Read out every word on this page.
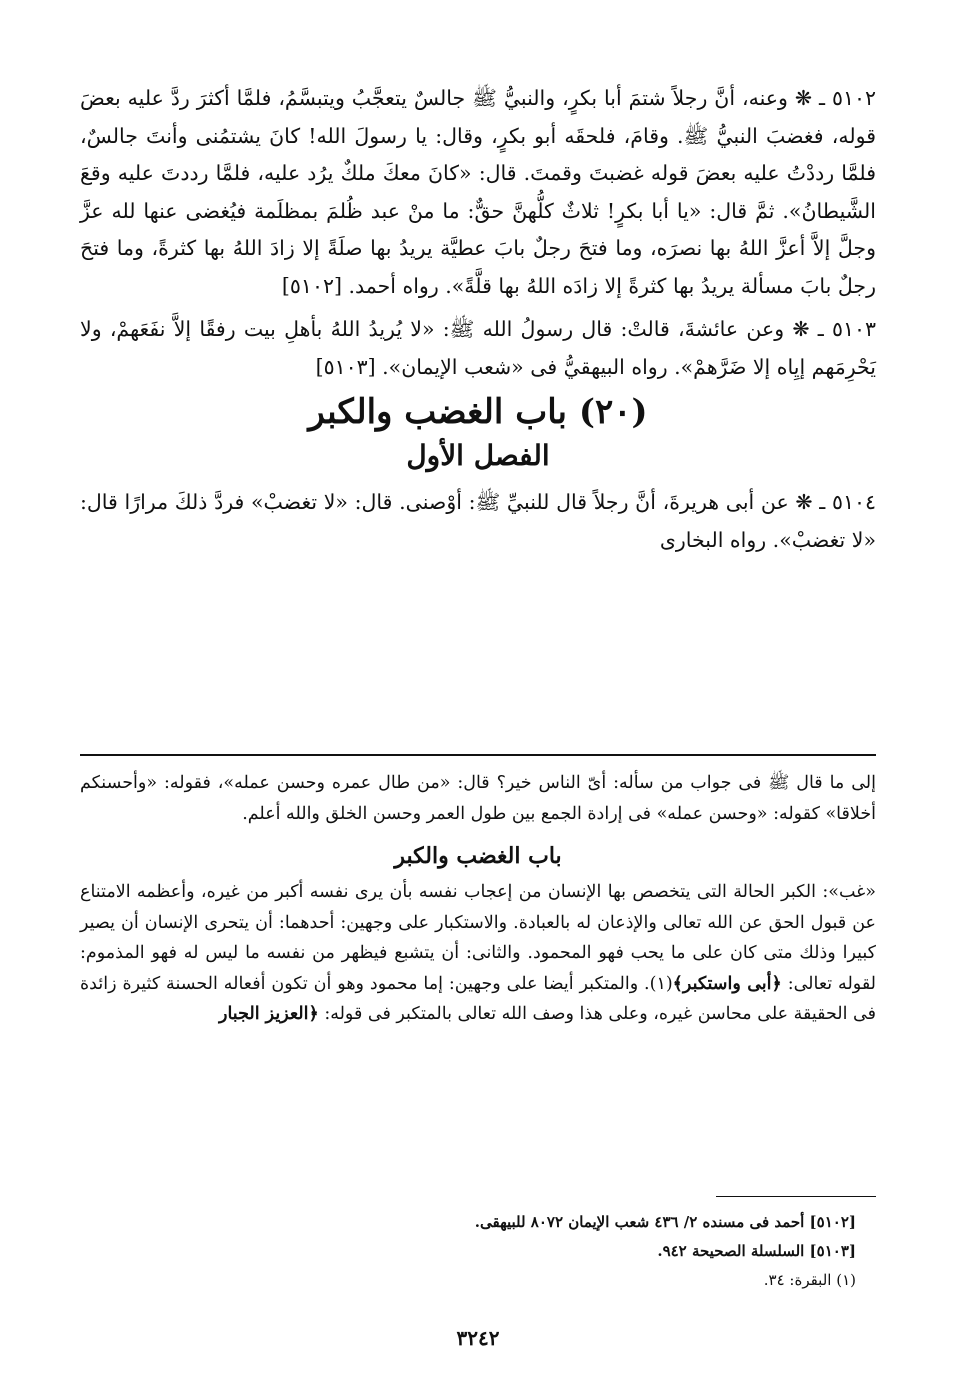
٥١٠٢ ـ ❋ وعنه، أنَّ رجلاً شتمَ أبا بكرٍ، والنبيُّ ﷺ جالسٌ يتعجَّبُ ويتبسَّمُ، فلمَّا أكثرَ ردَّ عليه بعضَ قوله، فغضبَ النبيُّ ﷺ. وقامَ، فلحقَه أبو بكرٍ، وقال: يا رسولَ الله! كانَ يشتمُنى وأنتَ جالسٌ، فلمَّا رددْتُ عليه بعضَ قوله غضبتَ وقمتَ. قال: «كانَ معكَ ملكٌ يرُد عليه، فلمَّا رددتَ عليه وقعَ الشَّيطانُ». ثمَّ قال: «يا أبا بكرٍ! ثلاثٌ كلُّهنَّ حقٌّ: ما منْ عبد ظُلمَ بمظلَمة فيُغضى عنها لله عزَّ وجلَّ إلاَّ أعزَّ اللهُ بها نصرَه، وما فتحَ رجلٌ بابَ عطيَّة يريدُ بها صلَةً إلا زادَ اللهُ بها كثرةً، وما فتحَ رجلٌ بابَ مسألة يريدُ بها كثرةً إلا زادَه اللهُ بها قلَّةً». رواه أحمد. [٥١٠٢]

٥١٠٣ ـ ❋ وعن عائشةَ، قالتْ: قال رسولُ الله ﷺ: «لا يُريدُ اللهُ بأهلِ بيت رفقًا إلاَّ نفَعَهمْ، ولا يَحْرِمَهم إيِاه إلا ضَرَّهمْ». رواه البيهقيُّ فى «شعب الإيمان». [٥١٠٣]

(٢٠) باب الغضب والكبر
الفصل الأول

٥١٠٤ ـ ❋ عن أبى هريرةَ، أنَّ رجلاً قال للنبيِّ ﷺ: أوْصنى. قال: «لا تغضبْ» فردَّ ذلكَ مرارًا قال: «لا تغضبْ». رواه البخارى

إلى ما قال ﷺ فى جواب من سأله: أىّ الناس خير؟ قال: «من طال عمره وحسن عمله»، فقوله: «وأحسنكم أخلاقا» كقوله: «وحسن عمله» فى إرادة الجمع بين طول العمر وحسن الخلق والله أعلم.

باب الغضب والكبر

«غب»: الكبر الحالة التى يتخصص بها الإنسان من إعجاب نفسه بأن يرى نفسه أكبر من غيره، وأعظمه الامتناع عن قبول الحق عن الله تعالى والإذعان له بالعبادة. والاستكبار على وجهين: أحدهما: أن يتحرى الإنسان أن يصير كبيرا وذلك متى كان على ما يحب فهو المحمود. والثانى: أن يتشبع فيظهر من نفسه ما ليس له فهو المذموم: لقوله تعالى: ﴿أبى واستكبر﴾(١). والمتكبر أيضا على وجهين: إما محمود وهو أن تكون أفعاله الحسنة كثيرة زائدة فى الحقيقة على محاسن غيره، وعلى هذا وصف الله تعالى بالمتكبر فى قوله: ﴿العزيز الجبار

[٥١٠٢] أحمد فى مسنده ٢/ ٤٣٦ شعب الإيمان ٨٠٧٢ للبيهقى.

[٥١٠٣] السلسلة الصحيحة ٩٤٢.

(١) البقرة: ٣٤.

٣٢٤٢
